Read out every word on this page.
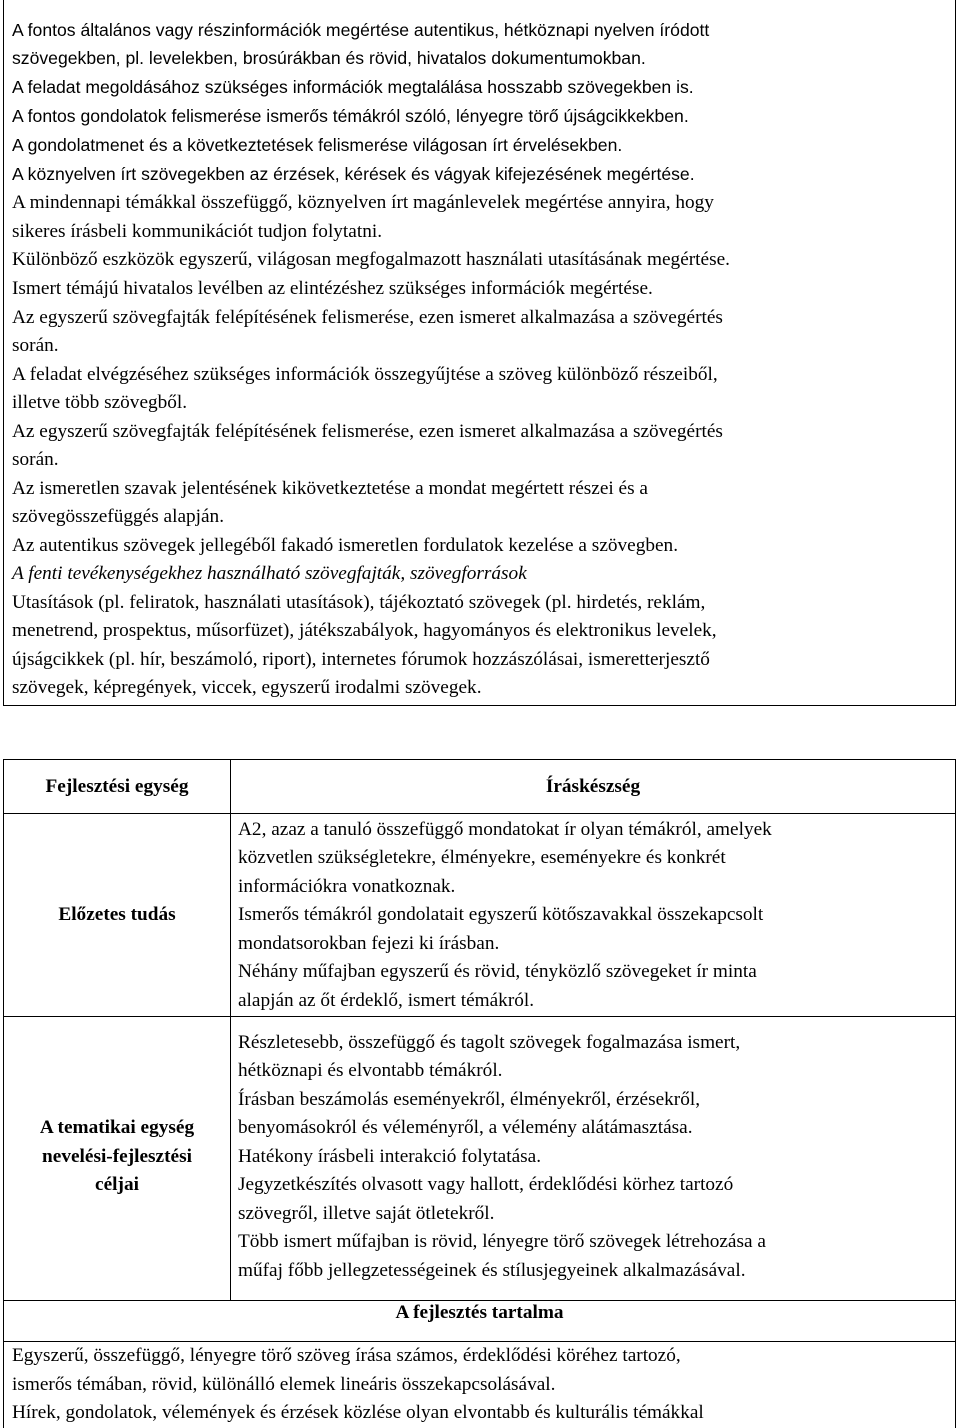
A fontos általános vagy részinformációk megértése autentikus, hétköznapi nyelven íródott
szövegekben, pl. levelekben, brosúrákban és rövid, hivatalos dokumentumokban.
A feladat megoldásához szükséges információk megtalálása hosszabb szövegekben is.
A fontos gondolatok felismerése ismerős témákról szóló, lényegre törő újságcikkekben.
A gondolatmenet és a következtetések felismerése világosan írt érvelésekben.
A köznyelven írt szövegekben az érzések, kérések és vágyak kifejezésének megértése.
A mindennapi témákkal összefüggő, köznyelven írt magánlevelek megértése annyira, hogy
sikeres írásbeli kommunikációt tudjon folytatni.
Különböző eszközök egyszerű, világosan megfogalmazott használati utasításának megértése.
Ismert témájú hivatalos levélben az elintézéshez szükséges információk megértése.
Az egyszerű szövegfajták felépítésének felismerése, ezen ismeret alkalmazása a szövegértés
során.
A feladat elvégzéséhez szükséges információk összegyűjtése a szöveg különböző részeiből,
illetve több szövegből.
Az egyszerű szövegfajták felépítésének felismerése, ezen ismeret alkalmazása a szövegértés
során.
Az ismeretlen szavak jelentésének kikövetkeztetése a mondat megértett részei és a
szövegösszefüggés alapján.
Az autentikus szövegek jellegéből fakadó ismeretlen fordulatok kezelése a szövegben.
A fenti tevékenységekhez használható szövegfajták, szövegforrások
Utasítások (pl. feliratok, használati utasítások), tájékoztató szövegek (pl. hirdetés, reklám,
menetrend, prospektus, műsorfüzet), játékszabályok, hagyományos és elektronikus levelek,
újságcikkek (pl. hír, beszámoló, riport), internetes fórumok hozzászólásai, ismeretterjesztő
szövegek, képregények, viccek, egyszerű irodalmi szövegek.
Fejlesztési egység	Íráskészség
Előzetes tudás
A2, azaz a tanuló összefüggő mondatokat ír olyan témákról, amelyek
közvetlen szükségletekre, élményekre, eseményekre és konkrét
információkra vonatkoznak.
Ismerős témákról gondolatait egyszerű kötőszavakkal összekapcsolt
mondatsorokban fejezi ki írásban.
Néhány műfajban egyszerű és rövid, tényközlő szövegeket ír minta
alapján az őt érdeklő, ismert témákról.
A tematikai egység
nevelési-fejlesztési
céljai
Részletesebb, összefüggő és tagolt szövegek fogalmazása ismert,
hétköznapi és elvontabb témákról.
Írásban beszámolás eseményekről, élményekről, érzésekről,
benyomásokról és véleményről, a vélemény alátámasztása.
Hatékony írásbeli interakció folytatása.
Jegyzetkészítés olvasott vagy hallott, érdeklődési körhez tartozó
szövegről, illetve saját ötletekről.
Több ismert műfajban is rövid, lényegre törő szövegek létrehozása a
műfaj főbb jellegzetességeinek és stílusjegyeinek alkalmazásával.
A fejlesztés tartalma
Egyszerű, összefüggő, lényegre törő szöveg írása számos, érdeklődési köréhez tartozó,
ismerős témában, rövid, különálló elemek lineáris összekapcsolásával.
Hírek, gondolatok, vélemények és érzések közlése olyan elvontabb és kulturális témákkal
